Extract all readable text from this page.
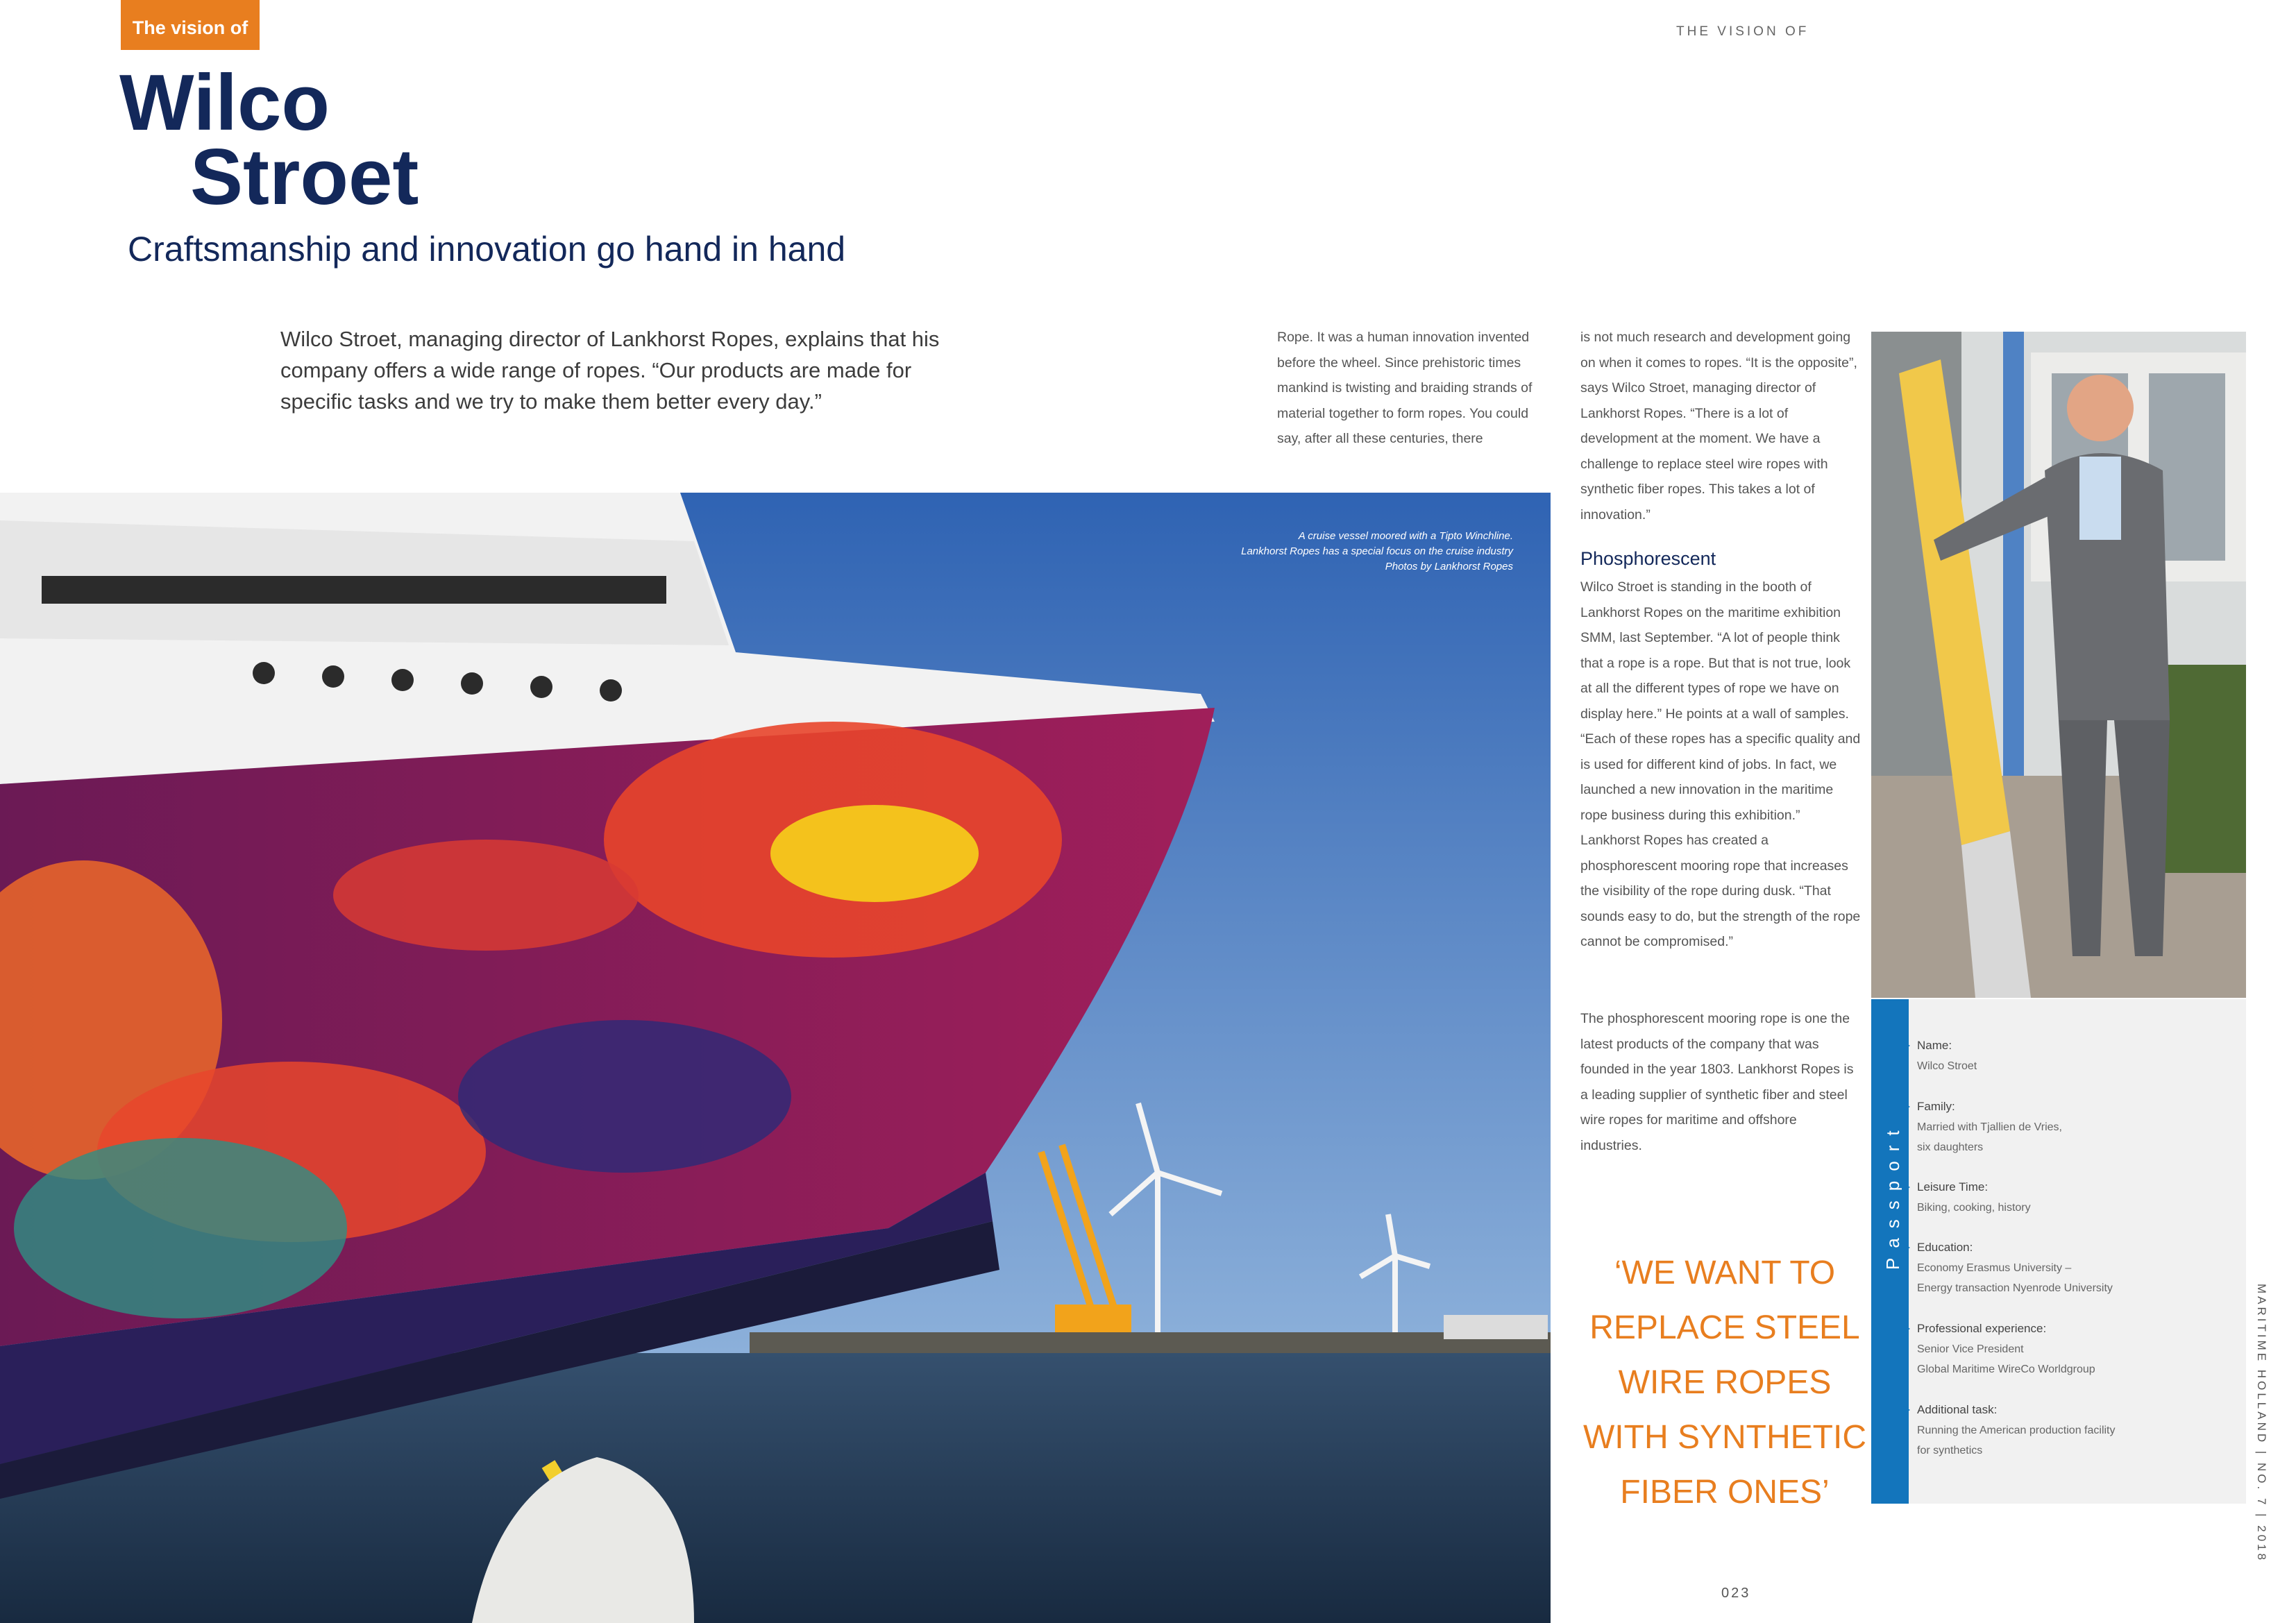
The vision of	THE VISION OF
Wilco
Stroet
Craftsmanship and innovation go hand in hand
Wilco Stroet, managing director of Lankhorst Ropes, explains that his company offers a wide range of ropes. “Our products are made for specific tasks and we try to make them better every day.”
Rope. It was a human innovation invented before the wheel. Since prehistoric times mankind is twisting and braiding strands of material together to form ropes. You could say, after all these centuries, there
is not much research and development going on when it comes to ropes. “It is the opposite”, says Wilco Stroet, managing director of Lankhorst Ropes. “There is a lot of development at the moment. We have a challenge to replace steel wire ropes with synthetic fiber ropes. This takes a lot of innovation.”
Phosphorescent
Wilco Stroet is standing in the booth of Lankhorst Ropes on the maritime exhibition SMM, last September. “A lot of people think that a rope is a rope. But that is not true, look at all the different types of rope we have on display here.” He points at a wall of samples. “Each of these ropes has a specific quality and is used for different kind of jobs. In fact, we launched a new innovation in the maritime rope business during this exhibition.” Lankhorst Ropes has created a phosphorescent mooring rope that increases the visibility of the rope during dusk. “That sounds easy to do, but the strength of the rope cannot be compromised.”
The phosphorescent mooring rope is one the latest products of the company that was founded in the year 1803. Lankhorst Ropes is a leading supplier of synthetic fiber and steel wire ropes for maritime and offshore industries.
‘WE WANT TO REPLACE STEEL WIRE ROPES WITH SYNTHETIC FIBER ONES’
A cruise vessel moored with a Tipto Winchline.
Lankhorst Ropes has a special focus on the cruise industry
Photos by Lankhorst Ropes
Passport
Name:
Wilco Stroet
Family:
Married with Tjallien de Vries,
six daughters
Leisure Time:
Biking, cooking, history
Education:
Economy Erasmus University –
Energy transaction Nyenrode University
Professional experience:
Senior Vice President
Global Maritime WireCo Worldgroup
Additional task:
Running the American production facility
for synthetics
023
MARITIME HOLLAND | NO. 7 | 2018
